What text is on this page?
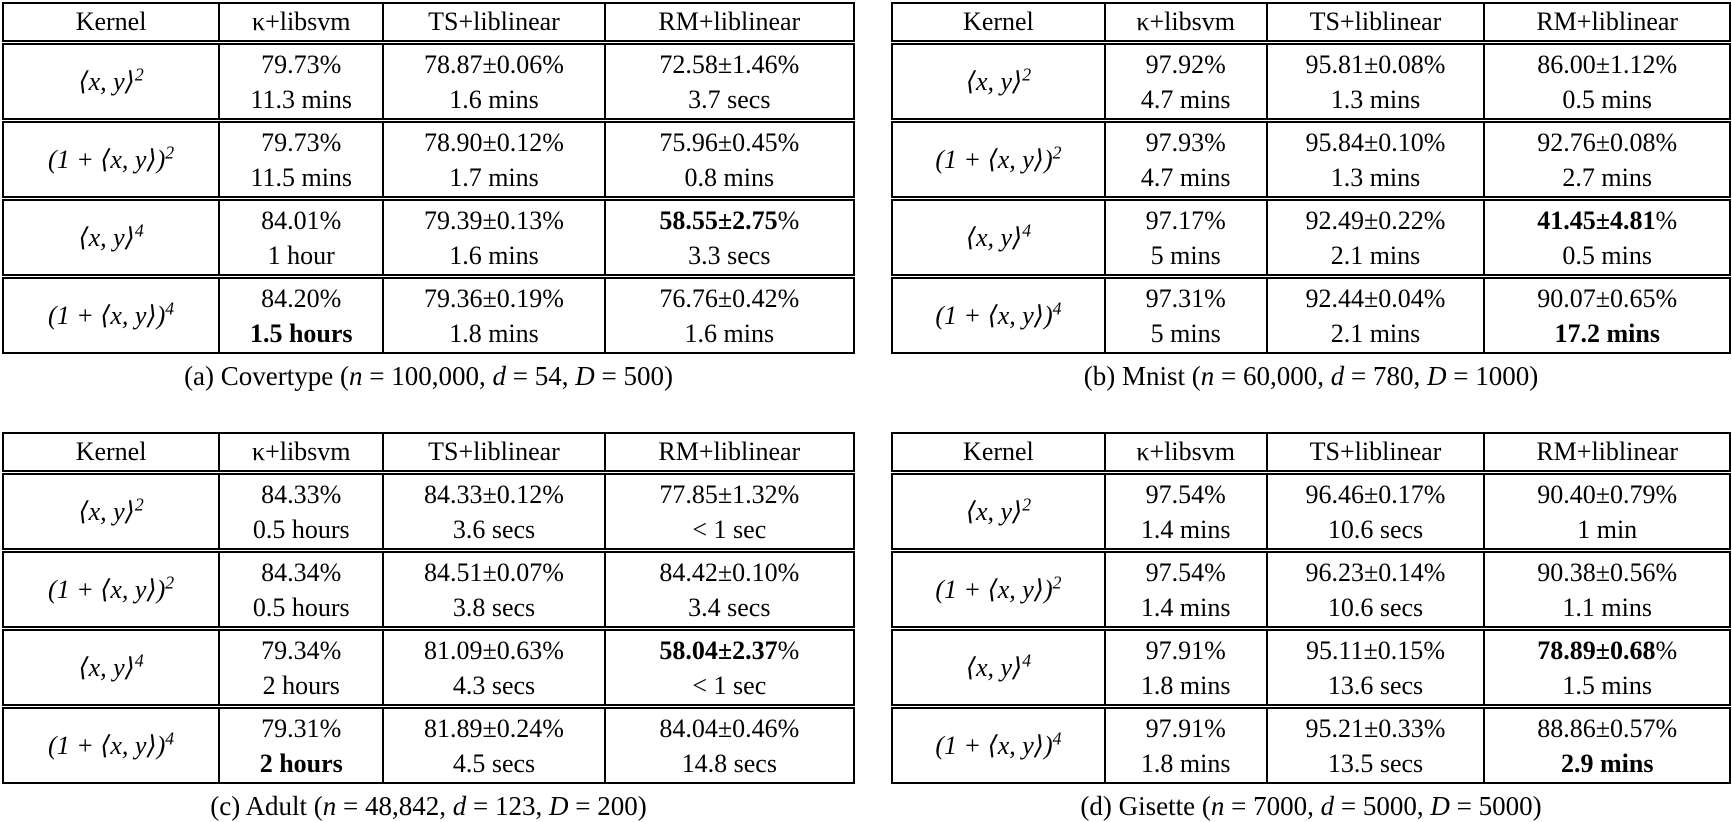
Kernel	κ+libsvm	TS+liblinear	RM+liblinear
⟨x, y⟩$^2$	79.73%
11.3 mins

78.87±0.06%
1.6 mins

72.58±1.46%
3.7 secs

(1 + ⟨x, y⟩)$^2$	79.73%
11.5 mins

78.90±0.12%
1.7 mins

75.96±0.45%
0.8 mins

⟨x, y⟩$^4$	84.01%
1 hour

79.39±0.13%
1.6 mins

58.55±2.75%
3.3 secs

(1 + ⟨x, y⟩)$^4$	84.20%
1.5 hours

79.36±0.19%
1.8 mins

76.76±0.42%
1.6 mins
(a) Covertype (n = 100,000, d = 54, D = 500)
Kernel	κ+libsvm	TS+liblinear	RM+liblinear
⟨x, y⟩$^2$	97.92%
4.7 mins

95.81±0.08%
1.3 mins

86.00±1.12%
0.5 mins

(1 + ⟨x, y⟩)$^2$	97.93%
4.7 mins

95.84±0.10%
1.3 mins

92.76±0.08%
2.7 mins

⟨x, y⟩$^4$	97.17%
5 mins

92.49±0.22%
2.1 mins

41.45±4.81%
0.5 mins

(1 + ⟨x, y⟩)$^4$	97.31%
5 mins

92.44±0.04%
2.1 mins

90.07±0.65%
17.2 mins
(b) Mnist (n = 60,000, d = 780, D = 1000)
Kernel	κ+libsvm	TS+liblinear	RM+liblinear
⟨x, y⟩$^2$	84.33%
0.5 hours

84.33±0.12%
3.6 secs

77.85±1.32%
< 1 sec

(1 + ⟨x, y⟩)$^2$	84.34%
0.5 hours

84.51±0.07%
3.8 secs

84.42±0.10%
3.4 secs

⟨x, y⟩$^4$	79.34%
2 hours

81.09±0.63%
4.3 secs

58.04±2.37%
< 1 sec

(1 + ⟨x, y⟩)$^4$	79.31%
2 hours

81.89±0.24%
4.5 secs

84.04±0.46%
14.8 secs
(c) Adult (n = 48,842, d = 123, D = 200)
Kernel	κ+libsvm	TS+liblinear	RM+liblinear
⟨x, y⟩$^2$	97.54%
1.4 mins

96.46±0.17%
10.6 secs

90.40±0.79%
1 min

(1 + ⟨x, y⟩)$^2$	97.54%
1.4 mins

96.23±0.14%
10.6 secs

90.38±0.56%
1.1 mins

⟨x, y⟩$^4$	97.91%
1.8 mins

95.11±0.15%
13.6 secs

78.89±0.68%
1.5 mins

(1 + ⟨x, y⟩)$^4$	97.91%
1.8 mins

95.21±0.33%
13.5 secs

88.86±0.57%
2.9 mins
(d) Gisette (n = 7000, d = 5000, D = 5000)
